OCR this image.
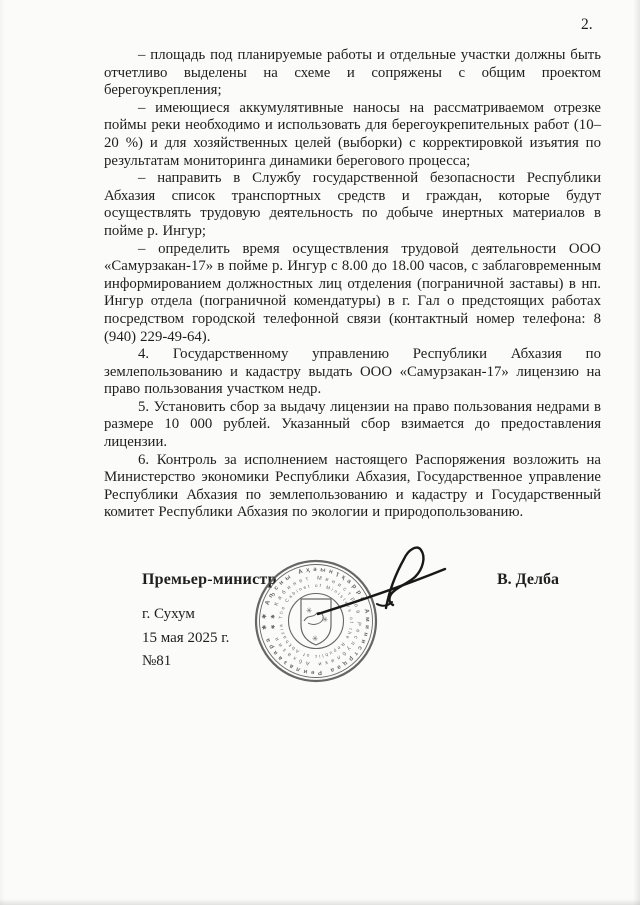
2.

– площадь под планируемые работы и отдельные участки должны быть отчетливо выделены на схеме и сопряжены с общим проектом берегоукрепления;

– имеющиеся аккумулятивные наносы на рассматриваемом отрезке поймы реки необходимо и использовать для берегоукрепительных работ (10–20 %) и для хозяйственных целей (выборки) с корректировкой изъятия по результатам мониторинга динамики берегового процесса;

– направить в Службу государственной безопасности Республики Абхазия список транспортных средств и граждан, которые будут осуществлять трудовую деятельность по добыче инертных материалов в пойме р. Ингур;

– определить время осуществления трудовой деятельности ООО «Самурзакан-17» в пойме р. Ингур с 8.00 до 18.00 часов, с заблаговременным информированием должностных лиц отделения (пограничной заставы) в нп. Ингур отдела (пограничной комендатуры) в г. Гал о предстоящих работах посредством городской телефонной связи (контактный номер телефона: 8 (940) 229-49-64).

4. Государственному управлению Республики Абхазия по землепользованию и кадастру выдать ООО «Самурзакан-17» лицензию на право пользования участком недр.

5. Установить сбор за выдачу лицензии на право пользования недрами в размере 10 000 рублей. Указанный сбор взимается до предоставления лицензии.

6. Контроль за исполнением настоящего Распоряжения возложить на Министерство экономики Республики Абхазия, Государственное управление Республики Абхазия по землепользованию и кадастру и Государственный комитет Республики Абхазия по экологии и природопользованию.

Премьер-министр	В. Делба
г. Сухум
15 мая 2025 г.
№81
✱ Аҧсны Аҳәынҭқарра Аминистрцәа Реилазаара ✱
✱ Кабинет Министров Республики Абхазия ✱
The Cabinet of Ministers of the Republic of Abkhazia
✳
✳
✳
